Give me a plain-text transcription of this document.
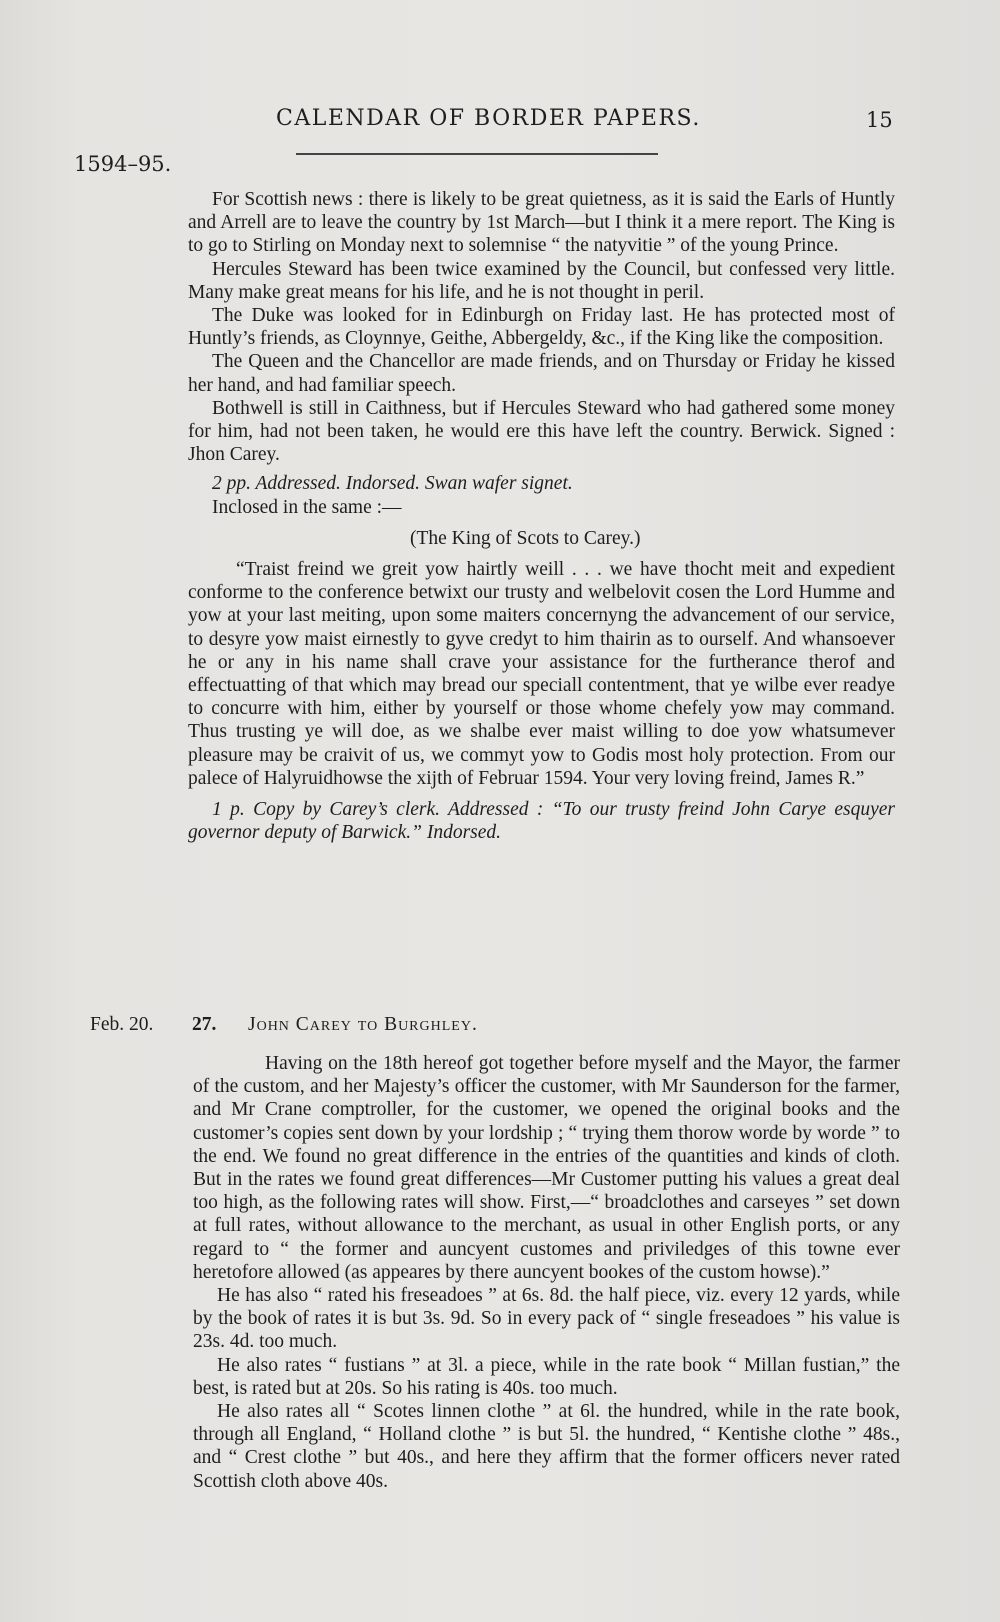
CALENDAR OF BORDER PAPERS.	15
1594–95.

For Scottish news : there is likely to be great quietness, as it is said the Earls of Huntly and Arrell are to leave the country by 1st March—but I think it a mere report. The King is to go to Stirling on Monday next to solemnise “ the natyvitie ” of the young Prince.

Hercules Steward has been twice examined by the Council, but confessed very little. Many make great means for his life, and he is not thought in peril.

The Duke was looked for in Edinburgh on Friday last. He has protected most of Huntly’s friends, as Cloynnye, Geithe, Abbergeldy, &c., if the King like the composition.

The Queen and the Chancellor are made friends, and on Thursday or Friday he kissed her hand, and had familiar speech.

Bothwell is still in Caithness, but if Hercules Steward who had gathered some money for him, had not been taken, he would ere this have left the country. Berwick. Signed : Jhon Carey.

2 pp. Addressed. Indorsed. Swan wafer signet.

Inclosed in the same :—

(The King of Scots to Carey.)

“Traist freind we greit yow hairtly weill . . . we have thocht meit and expedient conforme to the conference betwixt our trusty and welbelovit cosen the Lord Humme and yow at your last meiting, upon some maiters concernyng the advancement of our service, to desyre yow maist eirnestly to gyve credyt to him thairin as to ourself. And whansoever he or any in his name shall crave your assistance for the furtherance therof and effectuatting of that which may bread our speciall contentment, that ye wilbe ever readye to concurre with him, either by yourself or those whome chefely yow may command. Thus trusting ye will doe, as we shalbe ever maist willing to doe yow whatsumever pleasure may be craivit of us, we commyt yow to Godis most holy protection. From our palece of Halyruidhowse the xijth of Februar 1594. Your very loving freind, James R.”

1 p. Copy by Carey’s clerk. Addressed : “To our trusty freind John Carye esquyer governor deputy of Barwick.” Indorsed.

Feb. 20. 27. John Carey to Burghley.

Having on the 18th hereof got together before myself and the Mayor, the farmer of the custom, and her Majesty’s officer the customer, with Mr Saunderson for the farmer, and Mr Crane comptroller, for the customer, we opened the original books and the customer’s copies sent down by your lordship ; “ trying them thorow worde by worde ” to the end. We found no great difference in the entries of the quantities and kinds of cloth. But in the rates we found great differences—Mr Customer putting his values a great deal too high, as the following rates will show. First,—“ broadclothes and carseyes ” set down at full rates, without allowance to the merchant, as usual in other English ports, or any regard to “ the former and auncyent customes and priviledges of this towne ever heretofore allowed (as appeares by there auncyent bookes of the custom howse).”

He has also “ rated his freseadoes ” at 6s. 8d. the half piece, viz. every 12 yards, while by the book of rates it is but 3s. 9d. So in every pack of “ single freseadoes ” his value is 23s. 4d. too much.

He also rates “ fustians ” at 3l. a piece, while in the rate book “ Millan fustian,” the best, is rated but at 20s. So his rating is 40s. too much.

He also rates all “ Scotes linnen clothe ” at 6l. the hundred, while in the rate book, through all England, “ Holland clothe ” is but 5l. the hundred, “ Kentishe clothe ” 48s., and “ Crest clothe ” but 40s., and here they affirm that the former officers never rated Scottish cloth above 40s.
